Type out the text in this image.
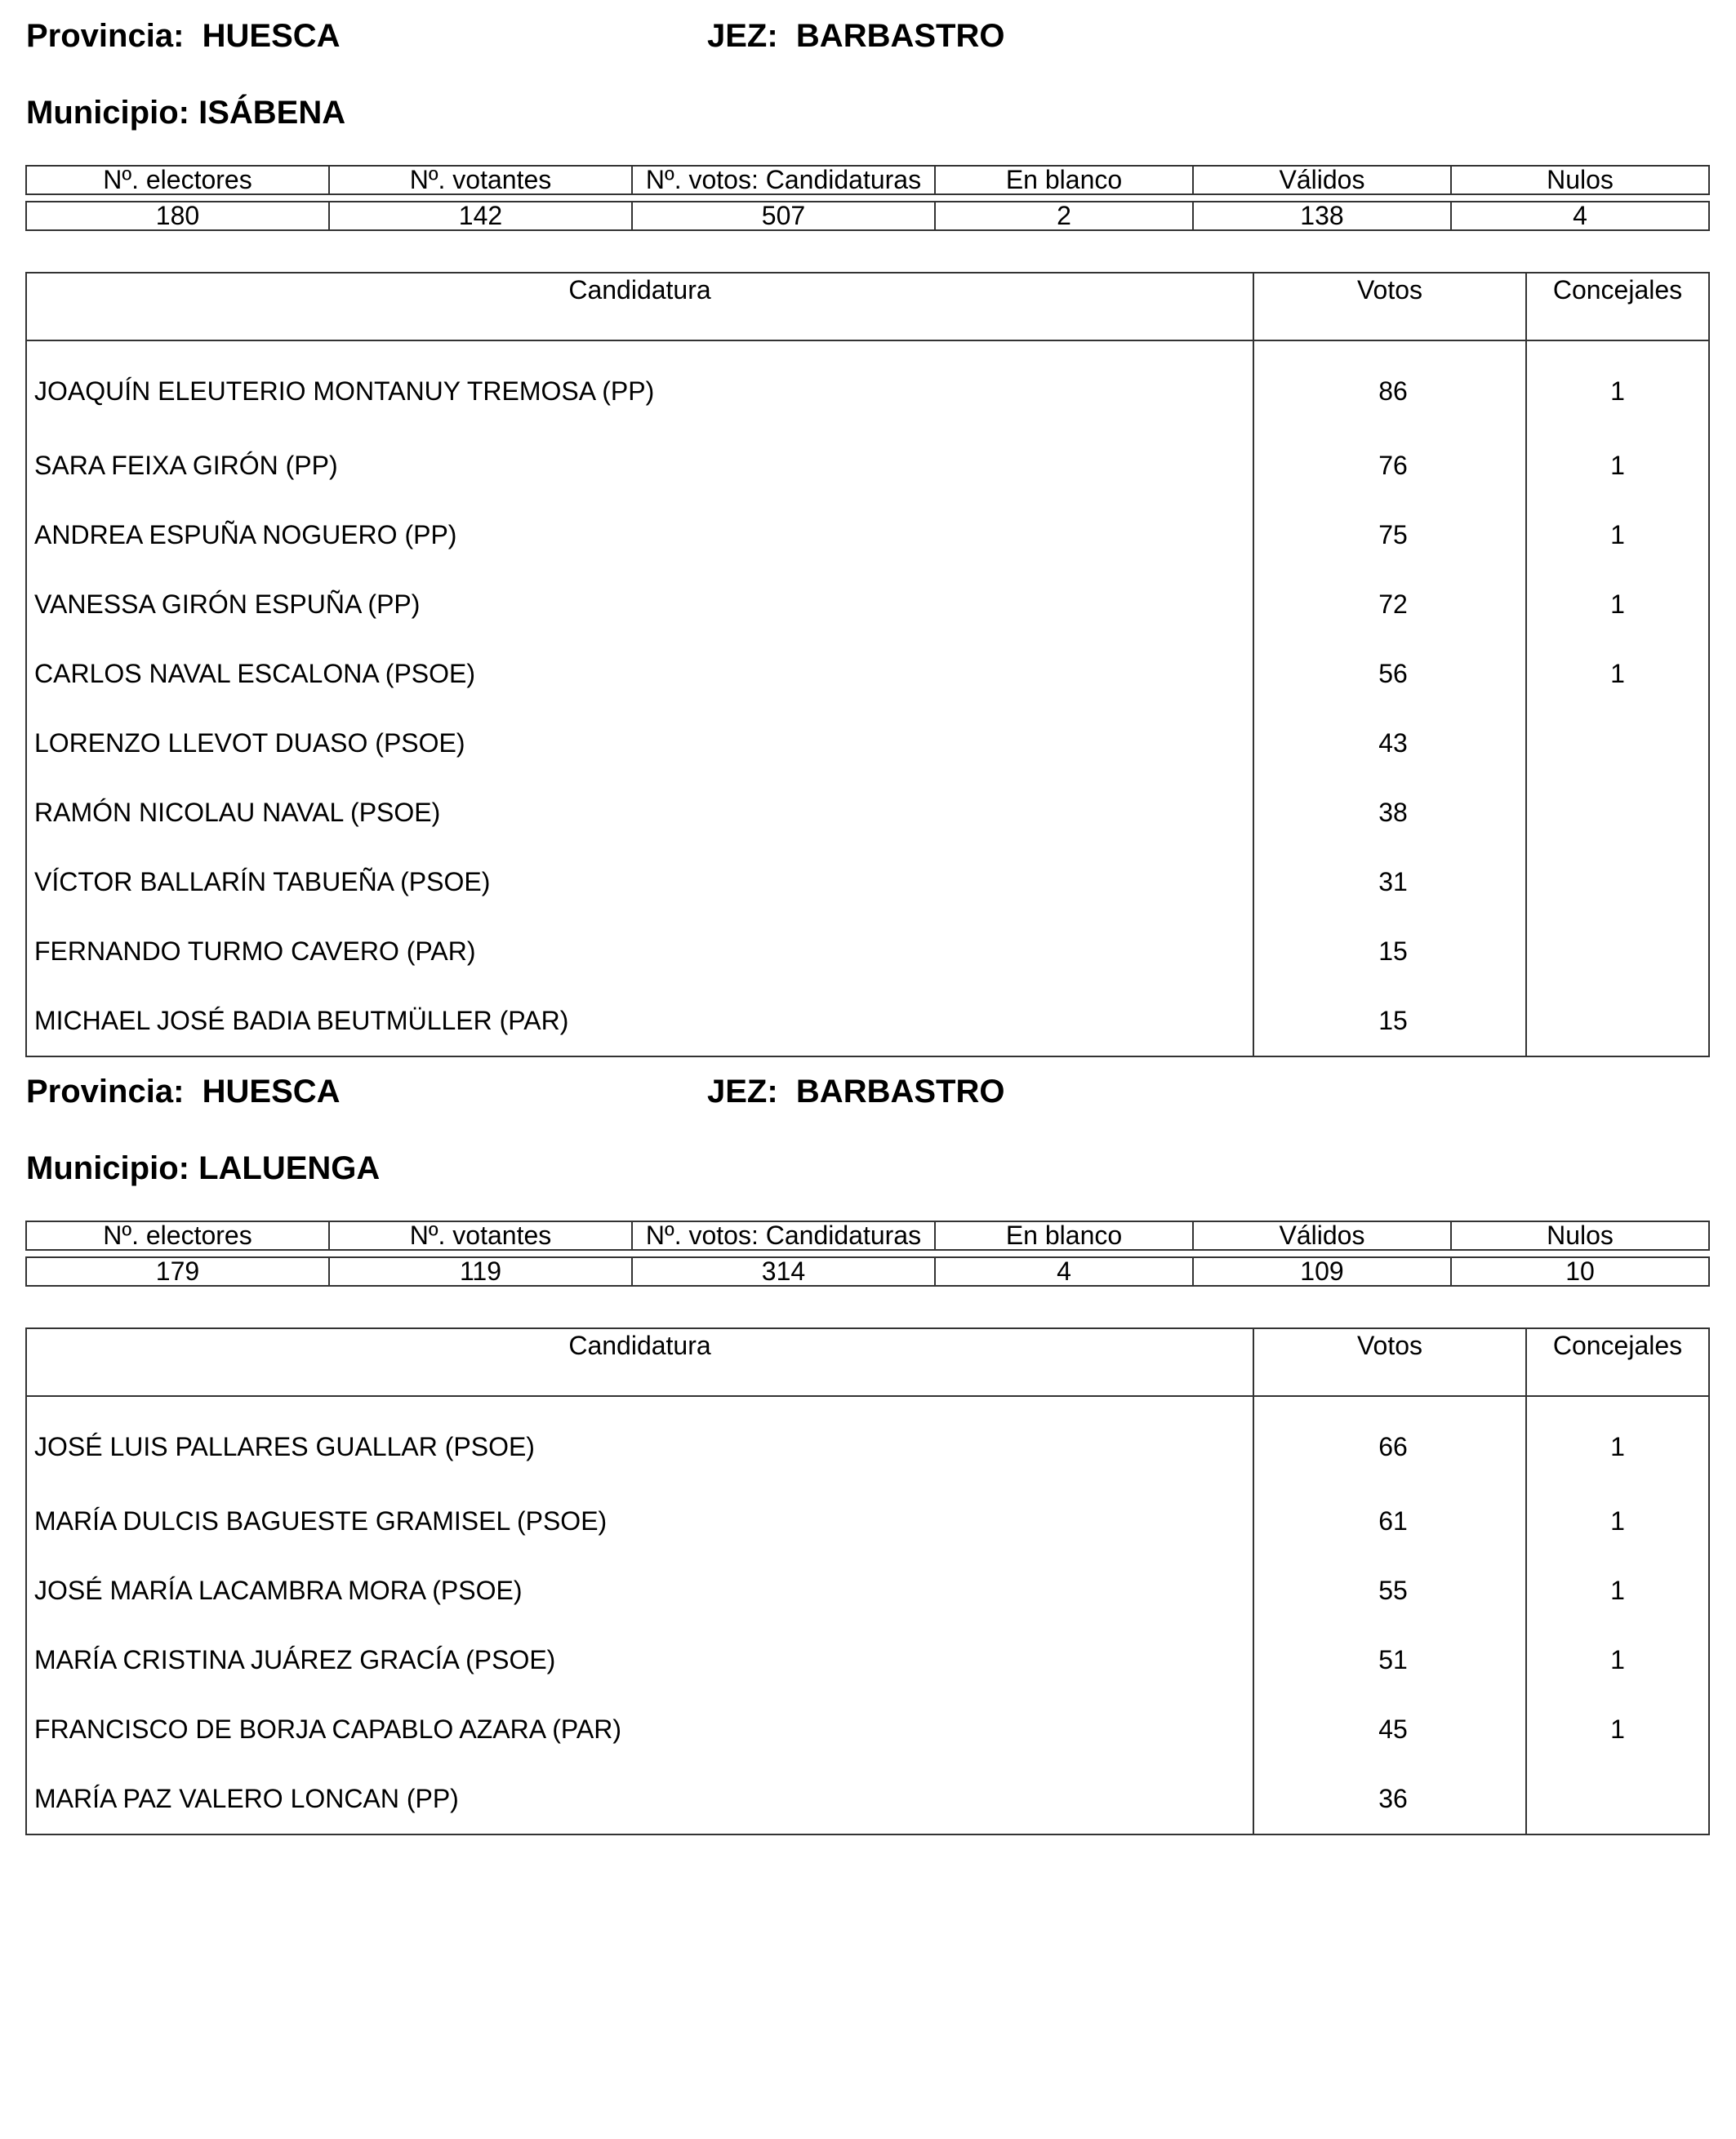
Provincia: HUESCA	JEZ: BARBASTRO
Municipio: ISÁBENA
Nº. electores	Nº. votantes	Nº. votos: Candidaturas	En blanco	Válidos	Nulos

180	142	507	2	138	4
Candidatura	Votos	Concejales
JOAQUÍN ELEUTERIO MONTANUY TREMOSA (PP)	86	1
SARA FEIXA GIRÓN (PP)	76	1
ANDREA ESPUÑA NOGUERO (PP)	75	1
VANESSA GIRÓN ESPUÑA (PP)	72	1
CARLOS NAVAL ESCALONA (PSOE)	56	1
LORENZO LLEVOT DUASO (PSOE)	43	
RAMÓN NICOLAU NAVAL (PSOE)	38	
VÍCTOR BALLARÍN TABUEÑA (PSOE)	31	
FERNANDO TURMO CAVERO (PAR)	15	
MICHAEL JOSÉ BADIA BEUTMÜLLER (PAR)	15	
Provincia: HUESCA	JEZ: BARBASTRO
Municipio: LALUENGA
Nº. electores	Nº. votantes	Nº. votos: Candidaturas	En blanco	Válidos	Nulos

179	119	314	4	109	10
Candidatura	Votos	Concejales
JOSÉ LUIS PALLARES GUALLAR (PSOE)	66	1
MARÍA DULCIS BAGUESTE GRAMISEL (PSOE)	61	1
JOSÉ MARÍA LACAMBRA MORA (PSOE)	55	1
MARÍA CRISTINA JUÁREZ GRACÍA (PSOE)	51	1
FRANCISCO DE BORJA CAPABLO AZARA (PAR)	45	1
MARÍA PAZ VALERO LONCAN (PP)	36	
